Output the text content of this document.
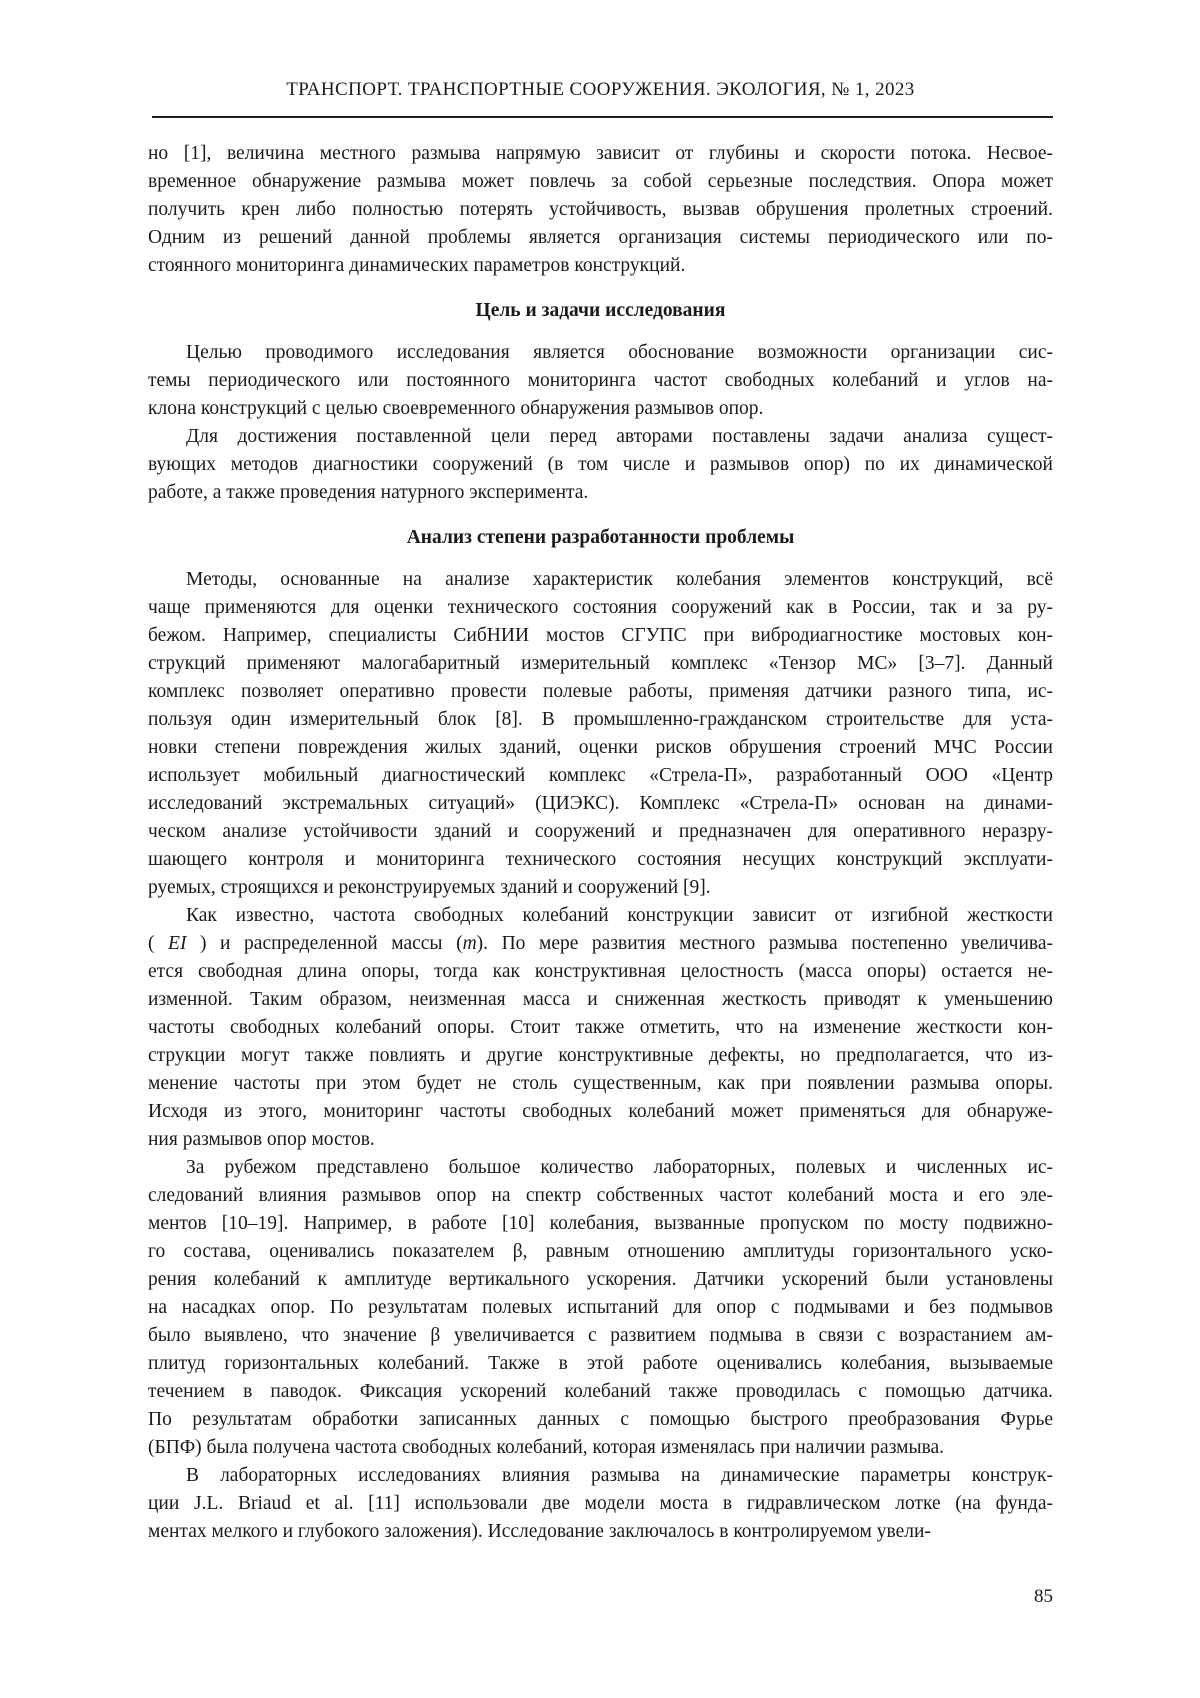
ТРАНСПОРТ. ТРАНСПОРТНЫЕ СООРУЖЕНИЯ. ЭКОЛОГИЯ, № 1, 2023
но [1], величина местного размыва напрямую зависит от глубины и скорости потока. Несвое-
временное обнаружение размыва может повлечь за собой серьезные последствия. Опора может
получить крен либо полностью потерять устойчивость, вызвав обрушения пролетных строений.
Одним из решений данной проблемы является организация системы периодического или по-
стоянного мониторинга динамических параметров конструкций.
Цель и задачи исследования
Целью проводимого исследования является обоснование возможности организации сис-
темы периодического или постоянного мониторинга частот свободных колебаний и углов на-
клона конструкций с целью своевременного обнаружения размывов опор.
Для достижения поставленной цели перед авторами поставлены задачи анализа сущест-
вующих методов диагностики сооружений (в том числе и размывов опор) по их динамической
работе, а также проведения натурного эксперимента.
Анализ степени разработанности проблемы
Методы, основанные на анализе характеристик колебания элементов конструкций, всё
чаще применяются для оценки технического состояния сооружений как в России, так и за ру-
бежом. Например, специалисты СибНИИ мостов СГУПС при вибродиагностике мостовых кон-
струкций применяют малогабаритный измерительный комплекс «Тензор МС» [3–7]. Данный
комплекс позволяет оперативно провести полевые работы, применяя датчики разного типа, ис-
пользуя один измерительный блок [8]. В промышленно-гражданском строительстве для уста-
новки степени повреждения жилых зданий, оценки рисков обрушения строений МЧС России
использует мобильный диагностический комплекс «Стрела-П», разработанный ООО «Центр
исследований экстремальных ситуаций» (ЦИЭКС). Комплекс «Стрела-П» основан на динами-
ческом анализе устойчивости зданий и сооружений и предназначен для оперативного неразру-
шающего контроля и мониторинга технического состояния несущих конструкций эксплуати-
руемых, строящихся и реконструируемых зданий и сооружений [9].
Как известно, частота свободных колебаний конструкции зависит от изгибной жесткости
( EI ) и распределенной массы (m). По мере развития местного размыва постепенно увеличива-
ется свободная длина опоры, тогда как конструктивная целостность (масса опоры) остается не-
изменной. Таким образом, неизменная масса и сниженная жесткость приводят к уменьшению
частоты свободных колебаний опоры. Стоит также отметить, что на изменение жесткости кон-
струкции могут также повлиять и другие конструктивные дефекты, но предполагается, что из-
менение частоты при этом будет не столь существенным, как при появлении размыва опоры.
Исходя из этого, мониторинг частоты свободных колебаний может применяться для обнаруже-
ния размывов опор мостов.
За рубежом представлено большое количество лабораторных, полевых и численных ис-
следований влияния размывов опор на спектр собственных частот колебаний моста и его эле-
ментов [10–19]. Например, в работе [10] колебания, вызванные пропуском по мосту подвижно-
го состава, оценивались показателем β, равным отношению амплитуды горизонтального уско-
рения колебаний к амплитуде вертикального ускорения. Датчики ускорений были установлены
на насадках опор. По результатам полевых испытаний для опор с подмывами и без подмывов
было выявлено, что значение β увеличивается с развитием подмыва в связи с возрастанием ам-
плитуд горизонтальных колебаний. Также в этой работе оценивались колебания, вызываемые
течением в паводок. Фиксация ускорений колебаний также проводилась с помощью датчика.
По результатам обработки записанных данных с помощью быстрого преобразования Фурье
(БПФ) была получена частота свободных колебаний, которая изменялась при наличии размыва.
В лабораторных исследованиях влияния размыва на динамические параметры конструк-
ции J.L. Briaud et al. [11] использовали две модели моста в гидравлическом лотке (на фунда-
ментах мелкого и глубокого заложения). Исследование заключалось в контролируемом увели-
85
